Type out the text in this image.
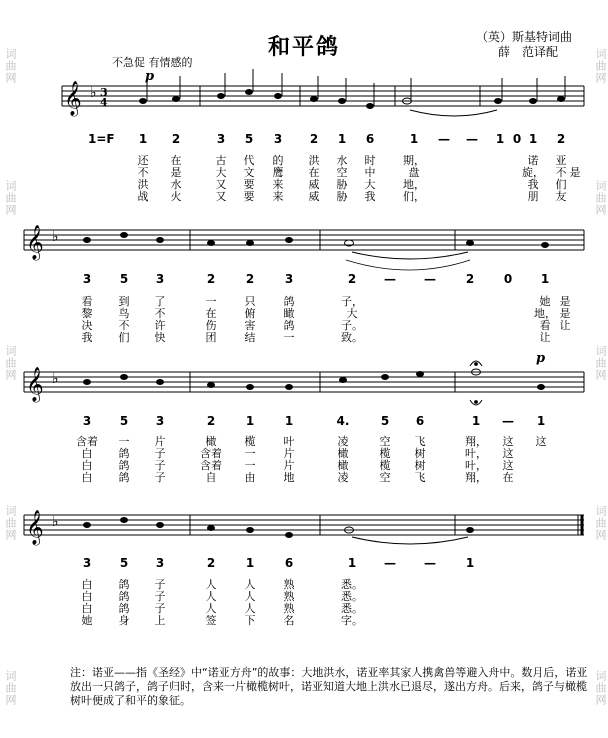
词曲网
词曲网
词曲网
词曲网
词曲网
词曲网
词曲网
词曲网
词曲网
词曲网
和平鸽	（英）斯基特词曲
薛　范译配
不急促 有情感的
𝄞 ♭ 3
4
𝄞 ♭
𝄞 ♭
𝄞 ♭
p
p
1=F 1 2	3 5 3 2 1 6	1 — — 1 0 1 2
3 5 3	2	2	3	2 — — 2 0 1
3 5 3	2	1	1	4.	5 6	1 — 1
3 5 3	2	1	6	1 — — 1
还 在	古 代 的 洪 水 时	期，	诺 亚
不 是	大 文 鹰 在 空 中	盘	旋， 不 是
洪 水	又 要 来 威 胁 大	地，	我 们
战 火	又 要 来 威 胁 我	们，	朋 友
看 到 了	一	只	鸽	子，	她 是
黎 鸟 不	在	俯	瞰	大	地， 是
决 不 许	伤	害	鸽	子。	看 让
我 们 快	团	结	一	致。	让
含着 一 片	橄	榄	叶	凌	空 飞	翔， 这 这
白 鸽 子	含着 一	片	橄	榄 树	叶， 这
白 鸽 子	含着 一	片	橄	榄 树	叶， 这
白 鸽 子	自	由	地	凌	空 飞	翔， 在
白 鸽 子	人	人	熟	悉。
白 鸽 子	人	人	熟	悉。
白 鸽 子	人	人	熟	悉。
她 身 上	签	下	名	字。
注：诺亚——指《圣经》中“诺亚方舟”的故事：大地洪水，诺亚率其家人携禽兽等避入舟中。数月后，诺亚放出一只鸽子，鸽子归时，含来一片橄榄树叶，诺亚知道大地上洪水已退尽，遂出方舟。后来，鸽子与橄榄树叶便成了和平的象征。
